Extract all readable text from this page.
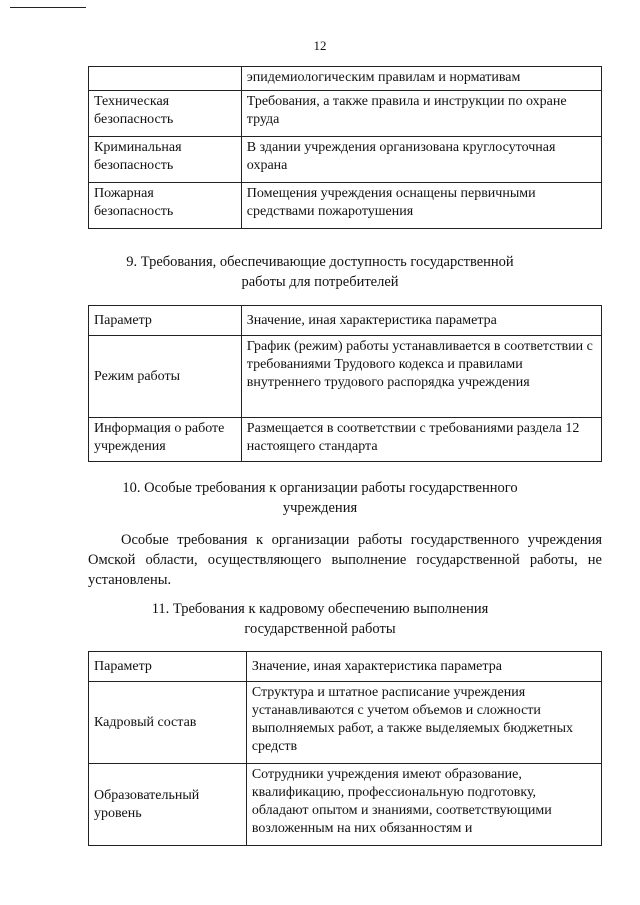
12
	эпидемиологическим правилам и нормативам
Техническая безопасность	Требования, а также правила и инструкции по охране труда
Криминальная безопасность	В здании учреждения организована круглосуточная охрана
Пожарная безопасность	Помещения учреждения оснащены первичными средствами пожаротушения
9. Требования, обеспечивающие доступность государственной
работы для потребителей
Параметр	Значение, иная характеристика параметра
Режим работы	График (режим) работы устанавливается в соответствии с требованиями Трудового кодекса и правилами внутреннего трудового распорядка учреждения
Информация о работе учреждения	Размещается в соответствии с требованиями раздела 12 настоящего стандарта
10. Особые требования к организации работы государственного
учреждения
Особые требования к организации работы государственного учреждения Омской области, осуществляющего выполнение государственной работы, не установлены.
11. Требования к кадровому обеспечению выполнения
государственной работы
Параметр	Значение, иная характеристика параметра
Кадровый состав	Структура и штатное расписание учреждения устанавливаются с учетом объемов и сложности выполняемых работ, а также выделяемых бюджетных средств
Образовательный уровень	Сотрудники учреждения имеют образование, квалификацию, профессиональную подготовку, обладают опытом и знаниями, соответствующими возложенным на них обязанностям и
